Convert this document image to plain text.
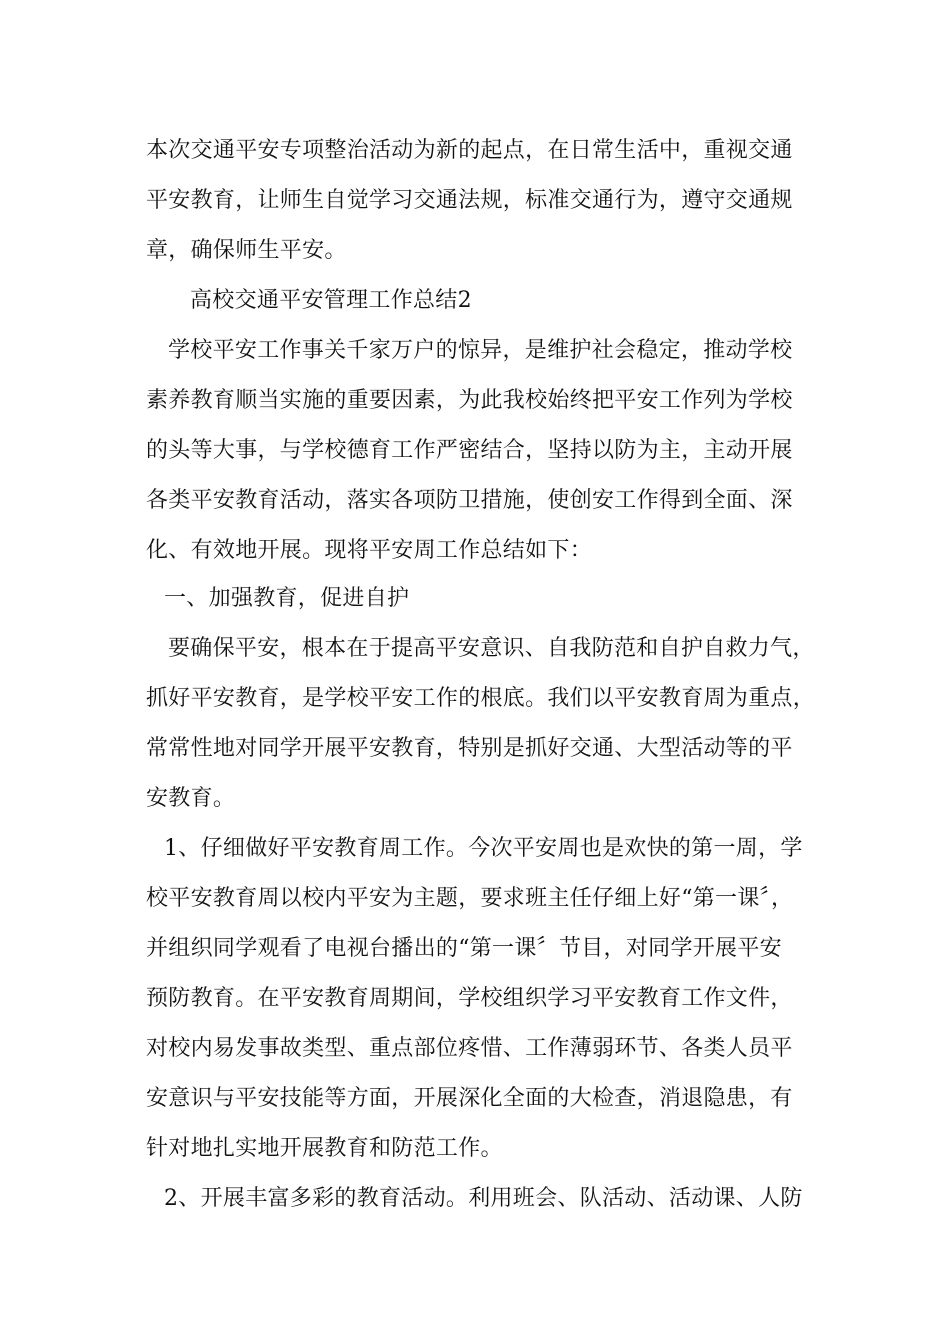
本次交通平安专项整治活动为新的起点，在日常生活中，重视交通
平安教育，让师生自觉学习交通法规，标准交通行为，遵守交通规
章，确保师生平安。
高校交通平安管理工作总结2
学校平安工作事关千家万户的惊异，是维护社会稳定，推动学校
素养教育顺当实施的重要因素，为此我校始终把平安工作列为学校
的头等大事，与学校德育工作严密结合，坚持以防为主，主动开展
各类平安教育活动，落实各项防卫措施，使创安工作得到全面、深
化、有效地开展。现将平安周工作总结如下：
一、加强教育，促进自护
要确保平安，根本在于提高平安意识、自我防范和自护自救力气，
抓好平安教育，是学校平安工作的根底。我们以平安教育周为重点，
常常性地对同学开展平安教育，特别是抓好交通、大型活动等的平
安教育。
1、仔细做好平安教育周工作。今次平安周也是欢快的第一周，学
校平安教育周以校内平安为主题，要求班主任仔细上好“第一课〞，
并组织同学观看了电视台播出的“第一课〞节目，对同学开展平安
预防教育。在平安教育周期间，学校组织学习平安教育工作文件，
对校内易发事故类型、重点部位疼惜、工作薄弱环节、各类人员平
安意识与平安技能等方面，开展深化全面的大检查，消退隐患，有
针对地扎实地开展教育和防范工作。
2、开展丰富多彩的教育活动。利用班会、队活动、活动课、人防
